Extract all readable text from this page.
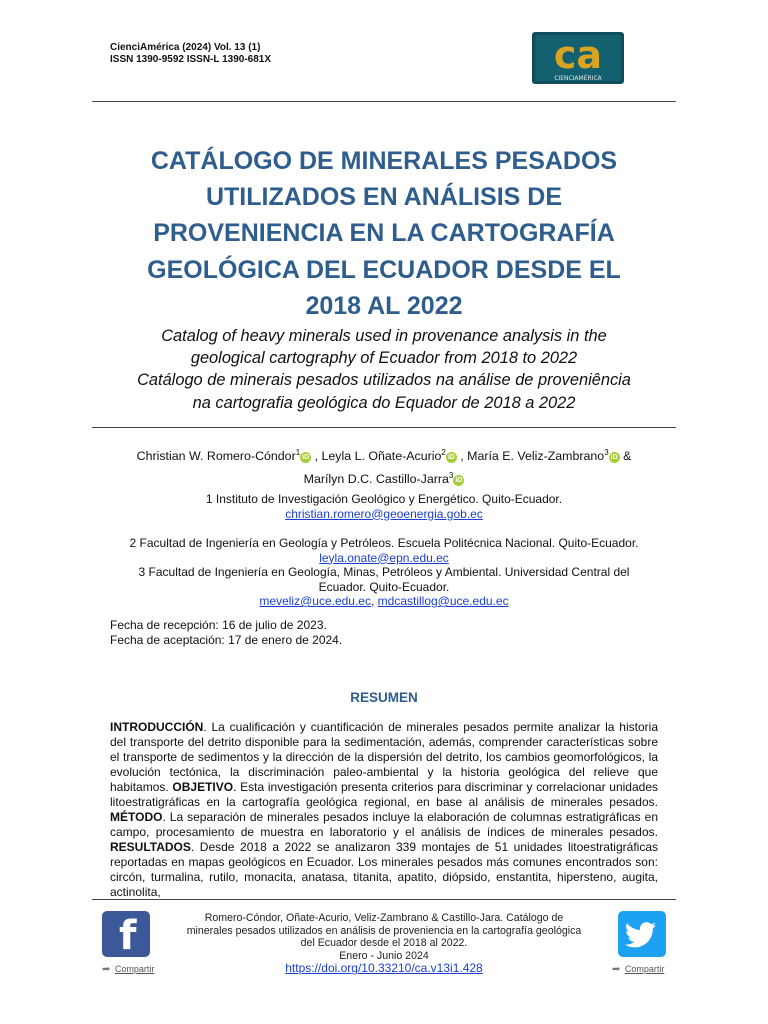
CienciAmérica (2024) Vol. 13 (1)
ISSN 1390-9592 ISSN-L 1390-681X	ca
CIENCIAMÉRICA
CATÁLOGO DE MINERALES PESADOS
UTILIZADOS EN ANÁLISIS DE
PROVENIENCIA EN LA CARTOGRAFÍA
GEOLÓGICA DEL ECUADOR DESDE EL
2018 AL 2022
Catalog of heavy minerals used in provenance analysis in the
geological cartography of Ecuador from 2018 to 2022
Catálogo de minerais pesados utilizados na análise de proveniência
na cartografia geológica do Equador de 2018 a 2022
Christian W. Romero-Cóndor$^1$iD , Leyla L. Oñate-Acurio$^2$iD , María E. Veliz-Zambrano$^3$iD &
Marílyn D.C. Castillo-Jarra$^3$iD
1 Instituto de Investigación Geológico y Energético. Quito-Ecuador.
christian.romero@geoenergia.gob.ec
2 Facultad de Ingeniería en Geología y Petróleos. Escuela Politécnica Nacional. Quito-Ecuador.
leyla.onate@epn.edu.ec
3 Facultad de Ingeniería en Geología, Minas, Petróleos y Ambiental. Universidad Central del
Ecuador. Quito-Ecuador.
meveliz@uce.edu.ec, mdcastillog@uce.edu.ec
Fecha de recepción: 16 de julio de 2023.
Fecha de aceptación: 17 de enero de 2024.
RESUMEN

INTRODUCCIÓN. La cualificación y cuantificación de minerales pesados permite analizar la historia del transporte del detrito disponible para la sedimentación, además, comprender características sobre el transporte de sedimentos y la dirección de la dispersión del detrito, los cambios geomorfológicos, la evolución tectónica, la discriminación paleo-ambiental y la historia geológica del relieve que habitamos. OBJETIVO. Esta investigación presenta criterios para discriminar y correlacionar unidades litoestratigráficas en la cartografía geológica regional, en base al análisis de minerales pesados. MÉTODO. La separación de minerales pesados incluye la elaboración de columnas estratigráficas en campo, procesamiento de muestra en laboratorio y el análisis de índices de minerales pesados. RESULTADOS. Desde 2018 a 2022 se analizaron 339 montajes de 51 unidades litoestratigráficas reportadas en mapas geológicos en Ecuador. Los minerales pesados más comunes encontrados son: circón, turmalina, rutilo, monacita, anatasa, titanita, apatito, diópsido, enstantita, hipersteno, augita, actinolita,

f
➦ Compartir
Romero-Cóndor, Oñate-Acurio, Veliz-Zambrano & Castillo-Jara. Catálogo de
minerales pesados utilizados en análisis de proveniencia en la cartografía geológica
del Ecuador desde el 2018 al 2022.
Enero - Junio 2024
https://doi.org/10.33210/ca.v13i1.428	➦ Compartir
